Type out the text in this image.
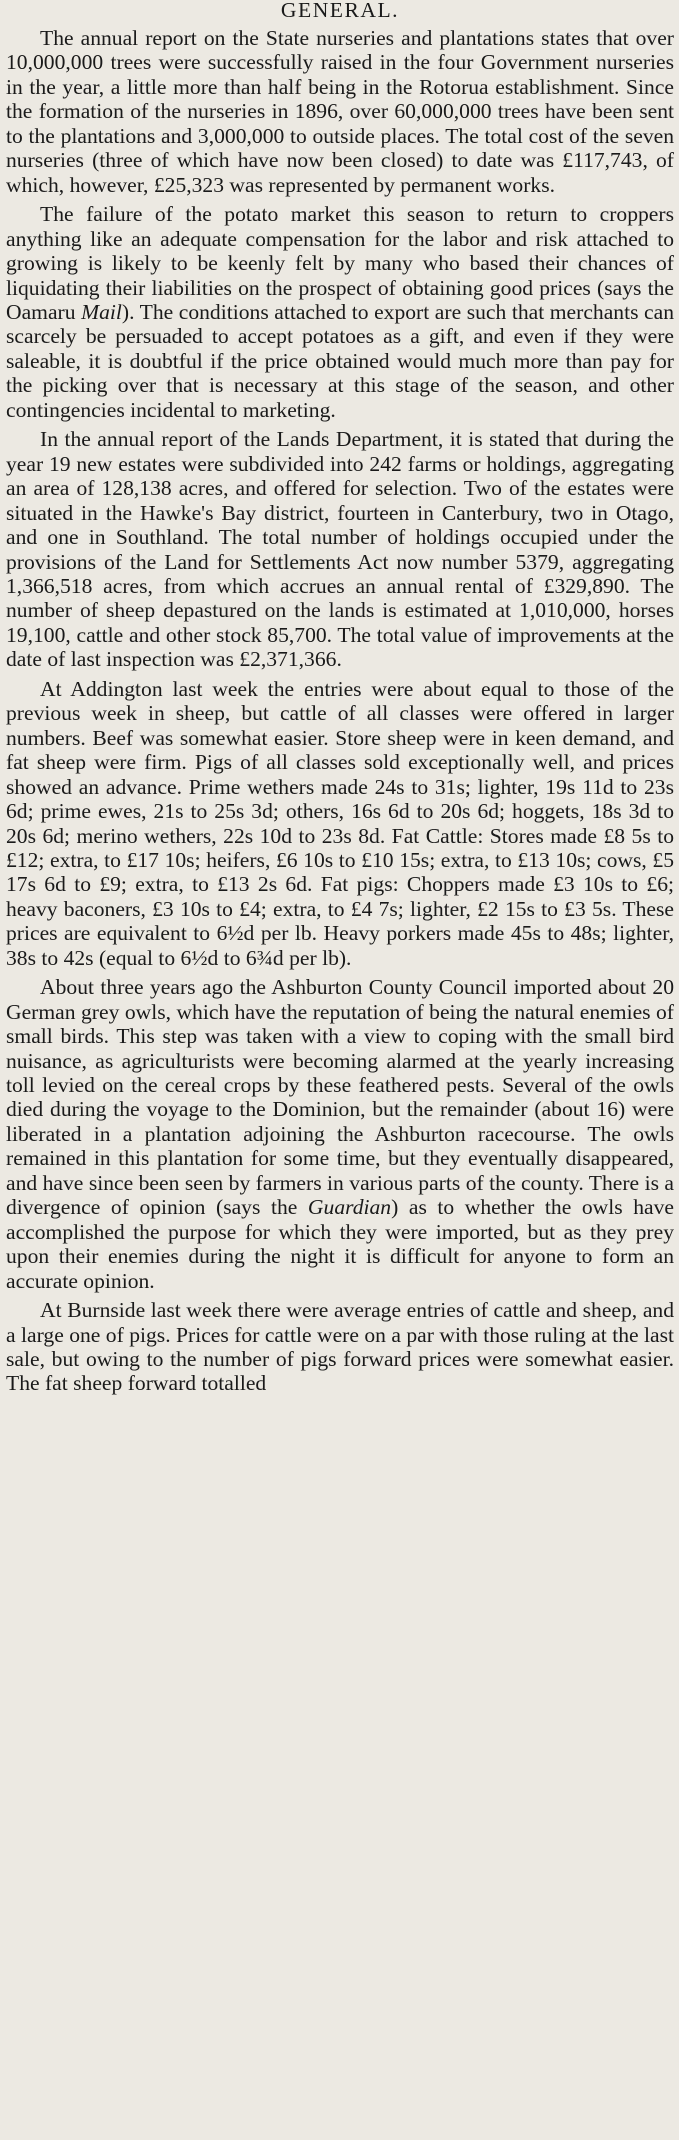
GENERAL.

The annual report on the State nurseries and plantations states that over 10,000,000 trees were successfully raised in the four Government nurseries in the year, a little more than half being in the Rotorua establishment. Since the formation of the nurseries in 1896, over 60,000,000 trees have been sent to the plantations and 3,000,000 to outside places. The total cost of the seven nurseries (three of which have now been closed) to date was £117,743, of which, however, £25,323 was represented by permanent works.

The failure of the potato market this season to return to croppers anything like an adequate compensation for the labor and risk attached to growing is likely to be keenly felt by many who based their chances of liquidating their liabilities on the prospect of obtaining good prices (says the Oamaru Mail). The conditions attached to export are such that merchants can scarcely be persuaded to accept potatoes as a gift, and even if they were saleable, it is doubtful if the price obtained would much more than pay for the picking over that is necessary at this stage of the season, and other contingencies incidental to marketing.

In the annual report of the Lands Department, it is stated that during the year 19 new estates were subdivided into 242 farms or holdings, aggregating an area of 128,138 acres, and offered for selection. Two of the estates were situated in the Hawke's Bay district, fourteen in Canterbury, two in Otago, and one in Southland. The total number of holdings occupied under the provisions of the Land for Settlements Act now number 5379, aggregating 1,366,518 acres, from which accrues an annual rental of £329,890. The number of sheep depastured on the lands is estimated at 1,010,000, horses 19,100, cattle and other stock 85,700. The total value of improvements at the date of last inspection was £2,371,366.

At Addington last week the entries were about equal to those of the previous week in sheep, but cattle of all classes were offered in larger numbers. Beef was somewhat easier. Store sheep were in keen demand, and fat sheep were firm. Pigs of all classes sold exceptionally well, and prices showed an advance. Prime wethers made 24s to 31s; lighter, 19s 11d to 23s 6d; prime ewes, 21s to 25s 3d; others, 16s 6d to 20s 6d; hoggets, 18s 3d to 20s 6d; merino wethers, 22s 10d to 23s 8d. Fat Cattle: Stores made £8 5s to £12; extra, to £17 10s; heifers, £6 10s to £10 15s; extra, to £13 10s; cows, £5 17s 6d to £9; extra, to £13 2s 6d. Fat pigs: Choppers made £3 10s to £6; heavy baconers, £3 10s to £4; extra, to £4 7s; lighter, £2 15s to £3 5s. These prices are equivalent to 6½d per lb. Heavy porkers made 45s to 48s; lighter, 38s to 42s (equal to 6½d to 6¾d per lb).

About three years ago the Ashburton County Council imported about 20 German grey owls, which have the reputation of being the natural enemies of small birds. This step was taken with a view to coping with the small bird nuisance, as agriculturists were becoming alarmed at the yearly increasing toll levied on the cereal crops by these feathered pests. Several of the owls died during the voyage to the Dominion, but the remainder (about 16) were liberated in a plantation adjoining the Ashburton racecourse. The owls remained in this plantation for some time, but they eventually disappeared, and have since been seen by farmers in various parts of the county. There is a divergence of opinion (says the Guardian) as to whether the owls have accomplished the purpose for which they were imported, but as they prey upon their enemies during the night it is difficult for anyone to form an accurate opinion.

At Burnside last week there were average entries of cattle and sheep, and a large one of pigs. Prices for cattle were on a par with those ruling at the last sale, but owing to the number of pigs forward prices were somewhat easier. The fat sheep forward totalled
